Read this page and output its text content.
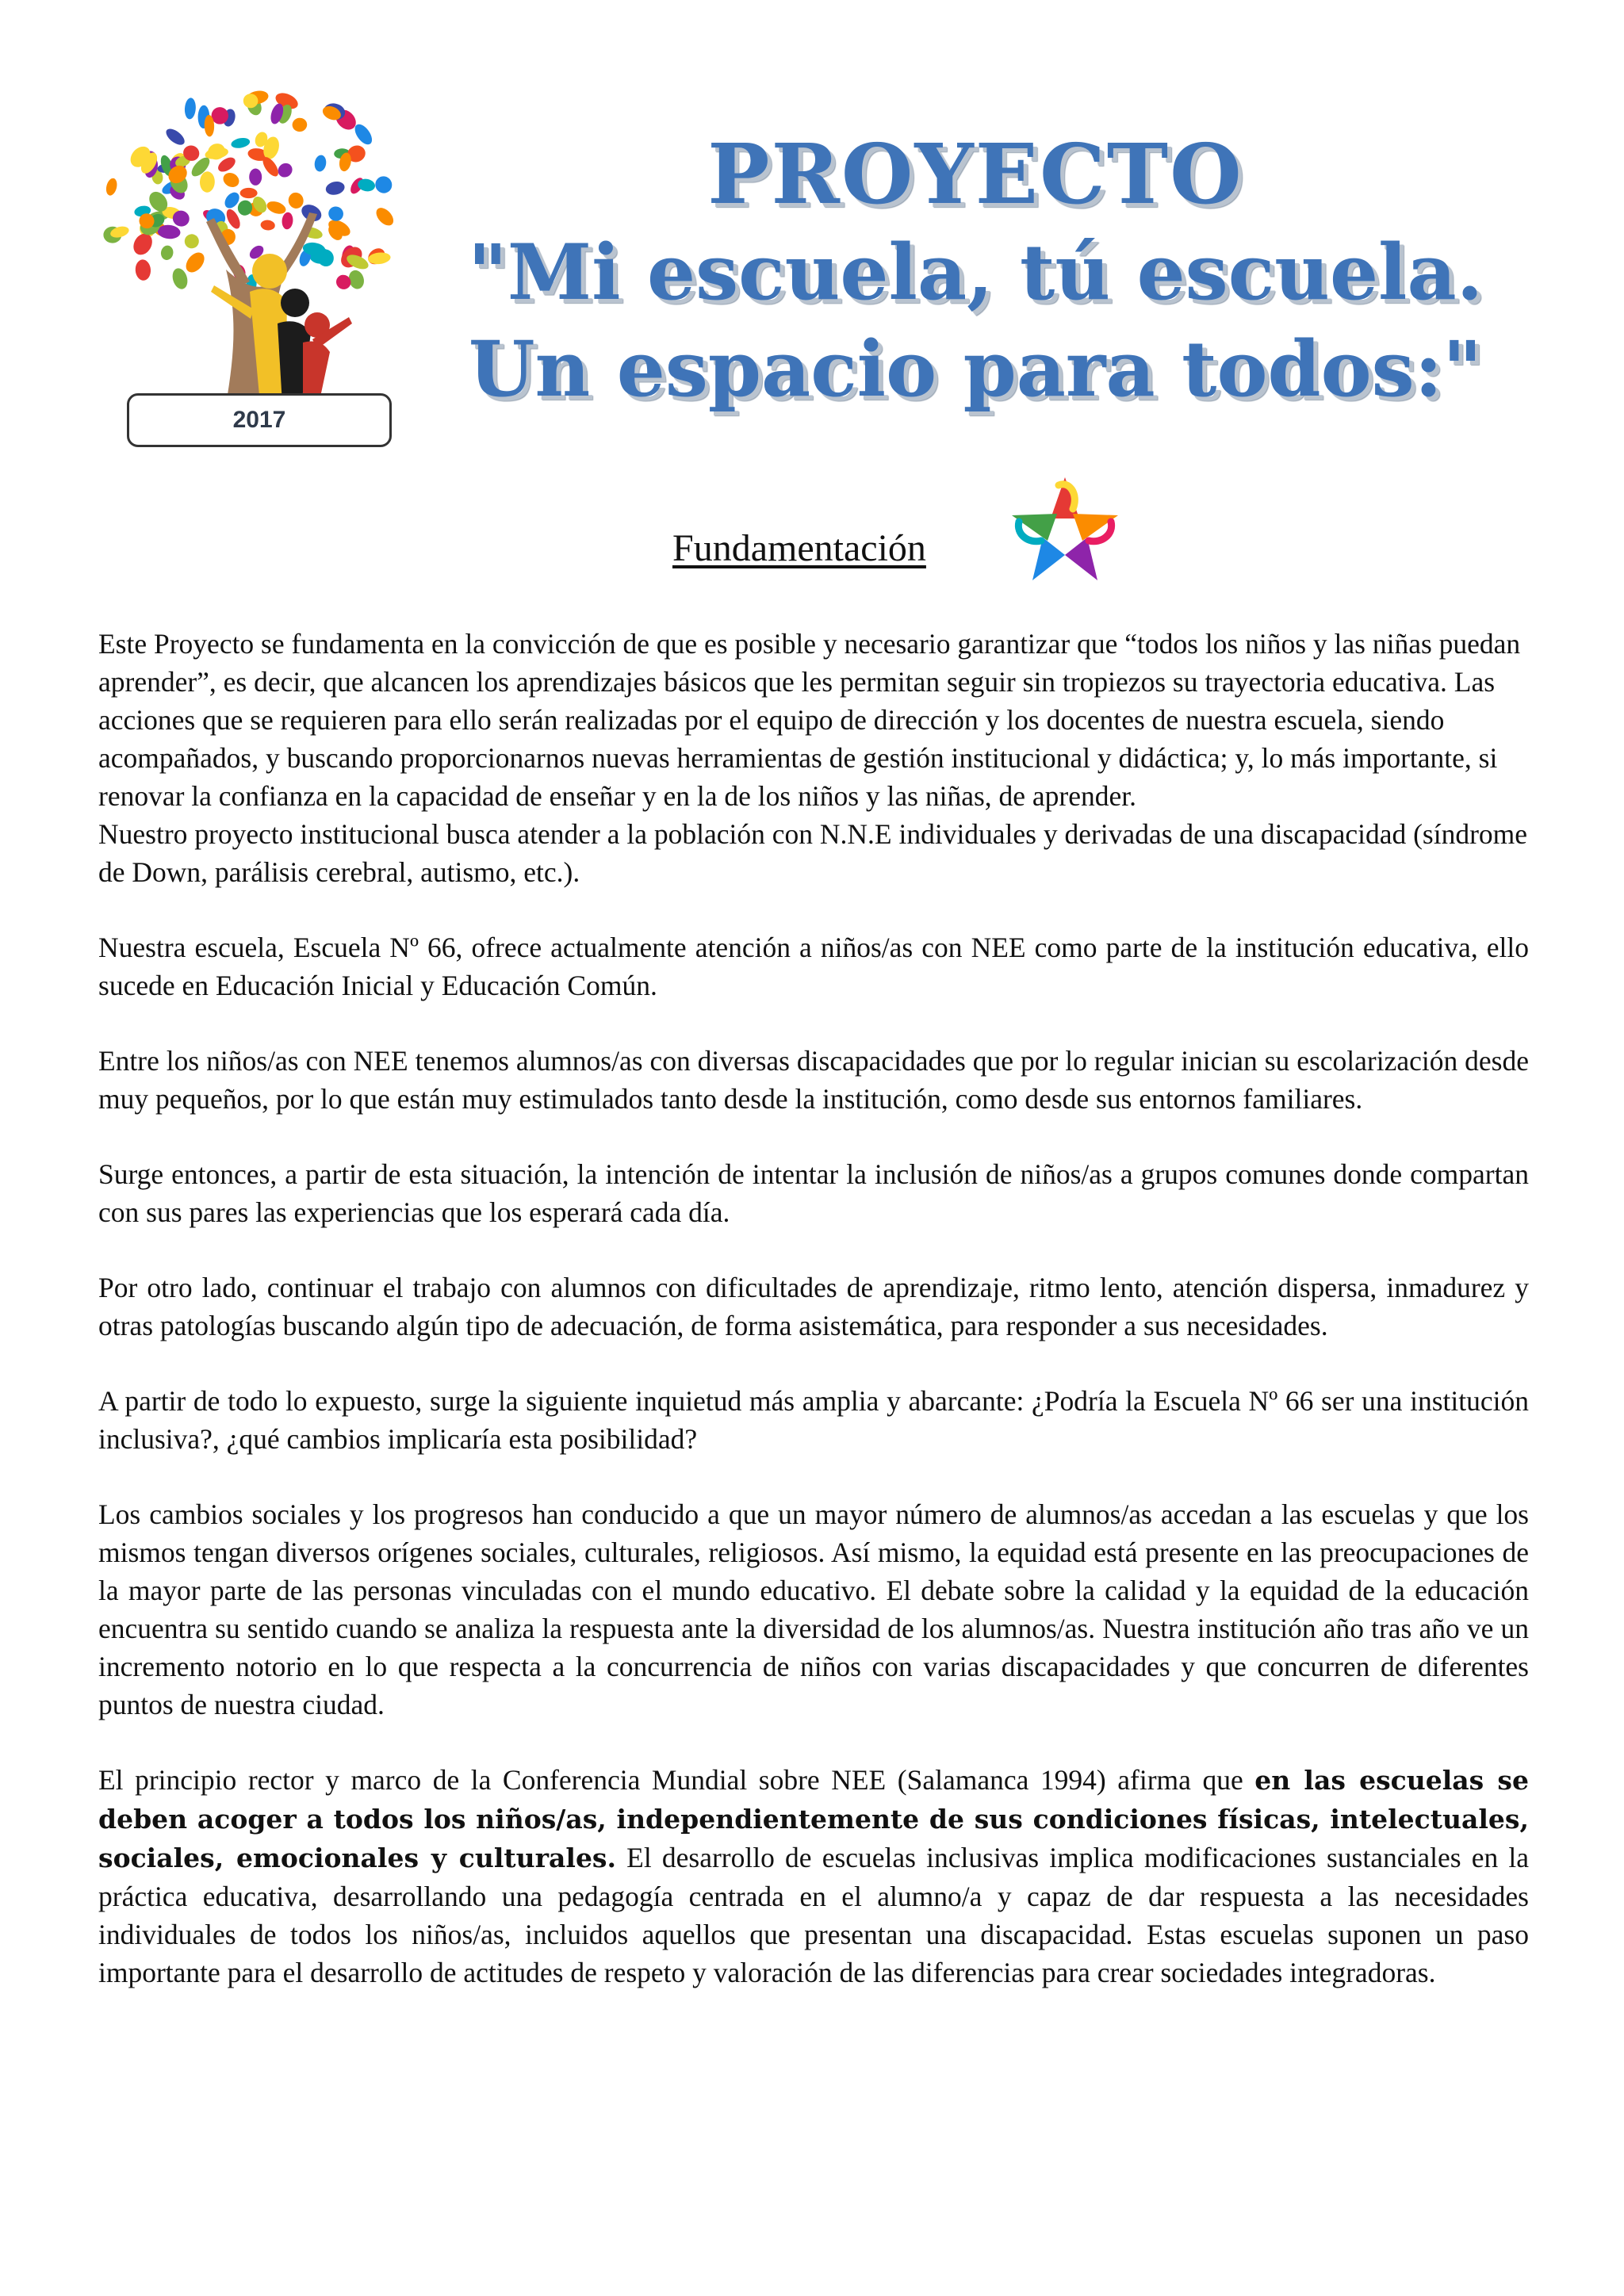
2017
PROYECTO
"Mi escuela, tú escuela.
Un espacio para todos:"
Fundamentación

Este Proyecto se fundamenta en la convicción de que es posible y necesario garantizar que “todos los niños y las niñas puedan aprender”, es decir, que alcancen los aprendizajes básicos que les permitan seguir sin tropiezos su trayectoria educativa. Las acciones que se requieren para ello serán realizadas por el equipo de dirección y los docentes de nuestra escuela, siendo acompañados, y buscando proporcionarnos nuevas herramientas de gestión institucional y didáctica; y, lo más importante, si renovar la confianza en la capacidad de enseñar y en la de los niños y las niñas, de aprender.

Nuestro proyecto institucional busca atender a la población con N.N.E individuales y derivadas de una discapacidad (síndrome de Down, parálisis cerebral, autismo, etc.).

Nuestra escuela, Escuela Nº 66, ofrece actualmente atención a niños/as con NEE como parte de la institución educativa, ello sucede en Educación Inicial y Educación Común.

Entre los niños/as con NEE tenemos alumnos/as con diversas discapacidades que por lo regular inician su escolarización desde muy pequeños, por lo que están muy estimulados tanto desde la institución, como desde sus entornos familiares.

Surge entonces, a partir de esta situación, la intención de intentar la inclusión de niños/as a grupos comunes donde compartan con sus pares las experiencias que los esperará cada día.

Por otro lado, continuar el trabajo con alumnos con dificultades de aprendizaje, ritmo lento, atención dispersa, inmadurez y otras patologías buscando algún tipo de adecuación, de forma asistemática, para responder a sus necesidades.

A partir de todo lo expuesto, surge la siguiente inquietud más amplia y abarcante: ¿Podría la Escuela Nº 66 ser una institución inclusiva?, ¿qué cambios implicaría esta posibilidad?

Los cambios sociales y los progresos han conducido a que un mayor número de alumnos/as accedan a las escuelas y que los mismos tengan diversos orígenes sociales, culturales, religiosos. Así mismo, la equidad está presente en las preocupaciones de la mayor parte de las personas vinculadas con el mundo educativo. El debate sobre la calidad y la equidad de la educación encuentra su sentido cuando se analiza la respuesta ante la diversidad de los alumnos/as. Nuestra institución año tras año ve un incremento notorio en lo que respecta a la concurrencia de niños con varias discapacidades y que concurren de diferentes puntos de nuestra ciudad.

El principio rector y marco de la Conferencia Mundial sobre NEE (Salamanca 1994) afirma que en las escuelas se deben acoger a todos los niños/as, independientemente de sus condiciones físicas, intelectuales, sociales, emocionales y culturales. El desarrollo de escuelas inclusivas implica modificaciones sustanciales en la práctica educativa, desarrollando una pedagogía centrada en el alumno/a y capaz de dar respuesta a las necesidades individuales de todos los niños/as, incluidos aquellos que presentan una discapacidad. Estas escuelas suponen un paso importante para el desarrollo de actitudes de respeto y valoración de las diferencias para crear sociedades integradoras.
